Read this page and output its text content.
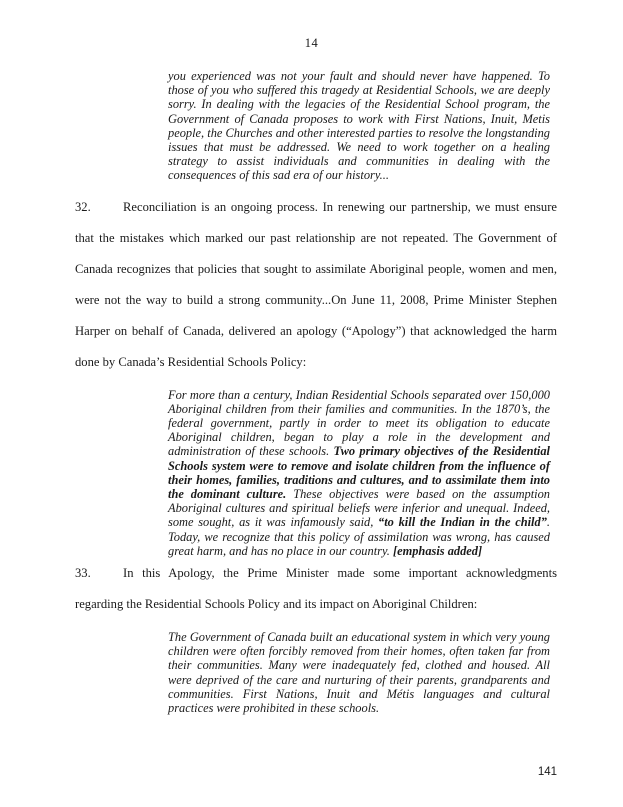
14
you experienced was not your fault and should never have happened. To those of you who suffered this tragedy at Residential Schools, we are deeply sorry. In dealing with the legacies of the Residential School program, the Government of Canada proposes to work with First Nations, Inuit, Metis people, the Churches and other interested parties to resolve the longstanding issues that must be addressed. We need to work together on a healing strategy to assist individuals and communities in dealing with the consequences of this sad era of our history...
32.	Reconciliation is an ongoing process. In renewing our partnership, we must ensure that the mistakes which marked our past relationship are not repeated. The Government of Canada recognizes that policies that sought to assimilate Aboriginal people, women and men, were not the way to build a strong community...On June 11, 2008, Prime Minister Stephen Harper on behalf of Canada, delivered an apology (“Apology”) that acknowledged the harm done by Canada’s Residential Schools Policy:
For more than a century, Indian Residential Schools separated over 150,000 Aboriginal children from their families and communities. In the 1870’s, the federal government, partly in order to meet its obligation to educate Aboriginal children, began to play a role in the development and administration of these schools. Two primary objectives of the Residential Schools system were to remove and isolate children from the influence of their homes, families, traditions and cultures, and to assimilate them into the dominant culture. These objectives were based on the assumption Aboriginal cultures and spiritual beliefs were inferior and unequal. Indeed, some sought, as it was infamously said, “to kill the Indian in the child”. Today, we recognize that this policy of assimilation was wrong, has caused great harm, and has no place in our country. [emphasis added]
33.	In this Apology, the Prime Minister made some important acknowledgments regarding the Residential Schools Policy and its impact on Aboriginal Children:
The Government of Canada built an educational system in which very young children were often forcibly removed from their homes, often taken far from their communities. Many were inadequately fed, clothed and housed. All were deprived of the care and nurturing of their parents, grandparents and communities. First Nations, Inuit and Métis languages and cultural practices were prohibited in these schools.
141
